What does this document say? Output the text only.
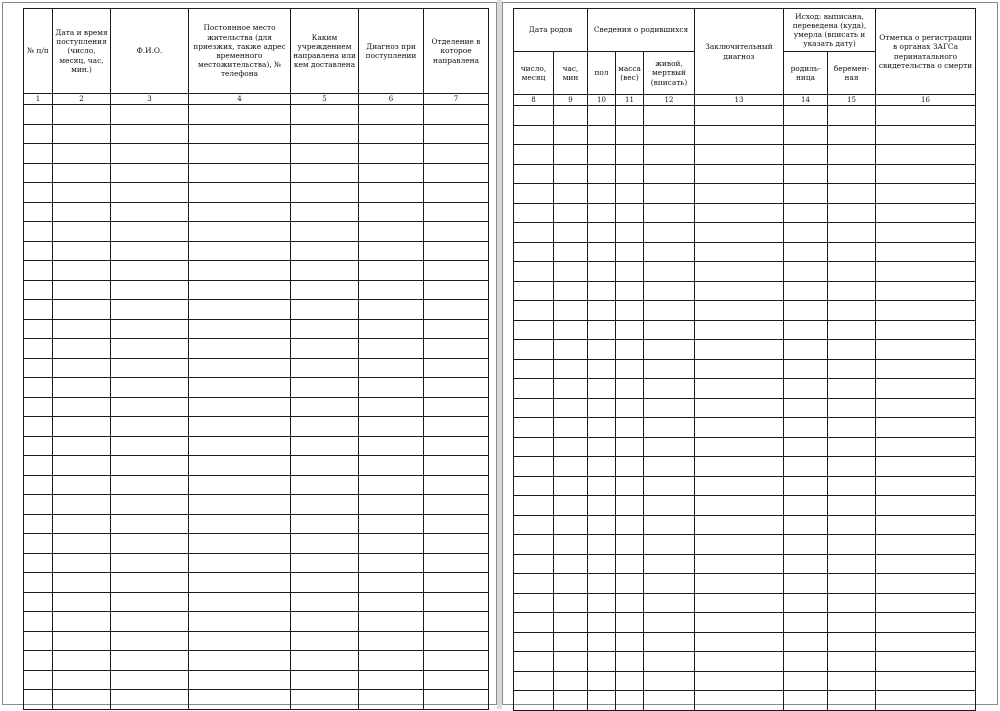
№ п/п	Дата и время поступления (число, месяц, час, мин.)	Ф.И.О.	Постоянное место жительства (для приезжих, также адрес временного местожительства), № телефона	Каким учреждением направлена или кем доставлена	Диагноз при поступлении	Отделение в которое направлена
1	2	3	4	5	6	7

Дата родов		Сведения о родившихся			Заключительный диагноз	Исход: выписана, переведена (куда), умерла (вписать и указать дату)		Отметка о регистрации в органах ЗАГСа перинатального свидетельства о смерти
число, месяц	час, мин	пол	масса (вес)	живой, мертвый (вписать)		родиль-ница	беремен-ная	
8	9	10	11	12	13	14	15	16
